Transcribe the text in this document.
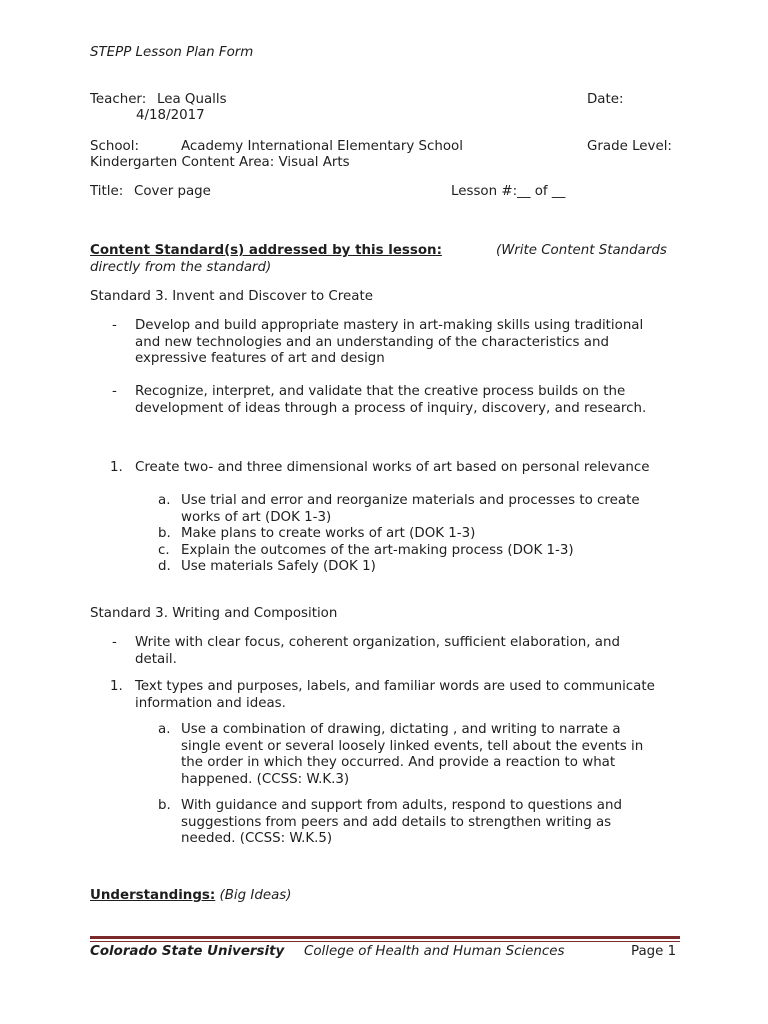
STEPP Lesson Plan Form
Teacher: Lea Qualls	Date:
4/18/2017
School:	Academy International Elementary School	Grade Level:
Kindergarten Content Area: Visual Arts
Title: Cover page	Lesson #:__ of __
Content Standard(s) addressed by this lesson:	(Write Content Standards
directly from the standard)
Standard 3. Invent and Discover to Create
- Develop and build appropriate mastery in art-making skills using traditional
and new technologies and an understanding of the characteristics and
expressive features of art and design
- Recognize, interpret, and validate that the creative process builds on the
development of ideas through a process of inquiry, discovery, and research.
1. Create two- and three dimensional works of art based on personal relevance
a. Use trial and error and reorganize materials and processes to create
works of art (DOK 1-3)
b. Make plans to create works of art (DOK 1-3)
c. Explain the outcomes of the art-making process (DOK 1-3)
d. Use materials Safely (DOK 1)
Standard 3. Writing and Composition
- Write with clear focus, coherent organization, sufficient elaboration, and
detail.
1. Text types and purposes, labels, and familiar words are used to communicate
information and ideas.
a. Use a combination of drawing, dictating , and writing to narrate a
single event or several loosely linked events, tell about the events in
the order in which they occurred. And provide a reaction to what
happened. (CCSS: W.K.3)
b. With guidance and support from adults, respond to questions and
suggestions from peers and add details to strengthen writing as
needed. (CCSS: W.K.5)
Understandings: (Big Ideas)
Colorado State University College of Health and Human Sciences	Page 1
